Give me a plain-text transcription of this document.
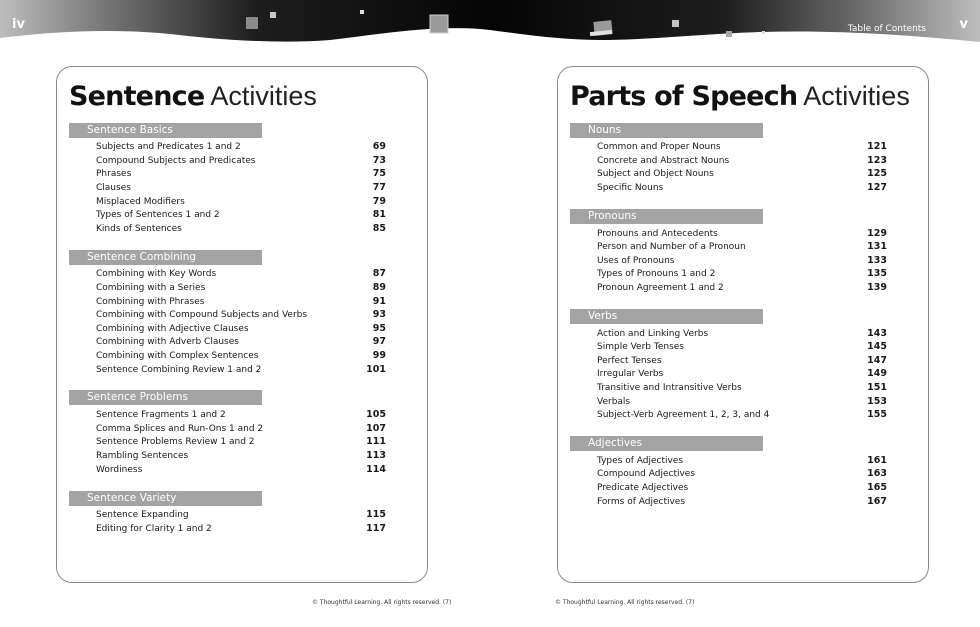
iv	Table of Contents	v
Sentence Activities
Sentence Basics
Subjects and Predicates 1 and 2	69
Compound Subjects and Predicates	73
Phrases	75
Clauses	77
Misplaced Modifiers	79
Types of Sentences 1 and 2	81
Kinds of Sentences	85
Sentence Combining
Combining with Key Words	87
Combining with a Series	89
Combining with Phrases	91
Combining with Compound Subjects and Verbs	93
Combining with Adjective Clauses	95
Combining with Adverb Clauses	97
Combining with Complex Sentences	99
Sentence Combining Review 1 and 2	101
Sentence Problems
Sentence Fragments 1 and 2	105
Comma Splices and Run-Ons 1 and 2	107
Sentence Problems Review 1 and 2	111
Rambling Sentences	113
Wordiness	114
Sentence Variety
Sentence Expanding	115
Editing for Clarity 1 and 2	117
Parts of Speech Activities
Nouns
Common and Proper Nouns	121
Concrete and Abstract Nouns	123
Subject and Object Nouns	125
Specific Nouns	127
Pronouns
Pronouns and Antecedents	129
Person and Number of a Pronoun	131
Uses of Pronouns	133
Types of Pronouns 1 and 2	135
Pronoun Agreement 1 and 2	139
Verbs
Action and Linking Verbs	143
Simple Verb Tenses	145
Perfect Tenses	147
Irregular Verbs	149
Transitive and Intransitive Verbs	151
Verbals	153
Subject-Verb Agreement 1, 2, 3, and 4	155
Adjectives
Types of Adjectives	161
Compound Adjectives	163
Predicate Adjectives	165
Forms of Adjectives	167
© Thoughtful Learning. All rights reserved. (7)	© Thoughtful Learning. All rights reserved. (7)
